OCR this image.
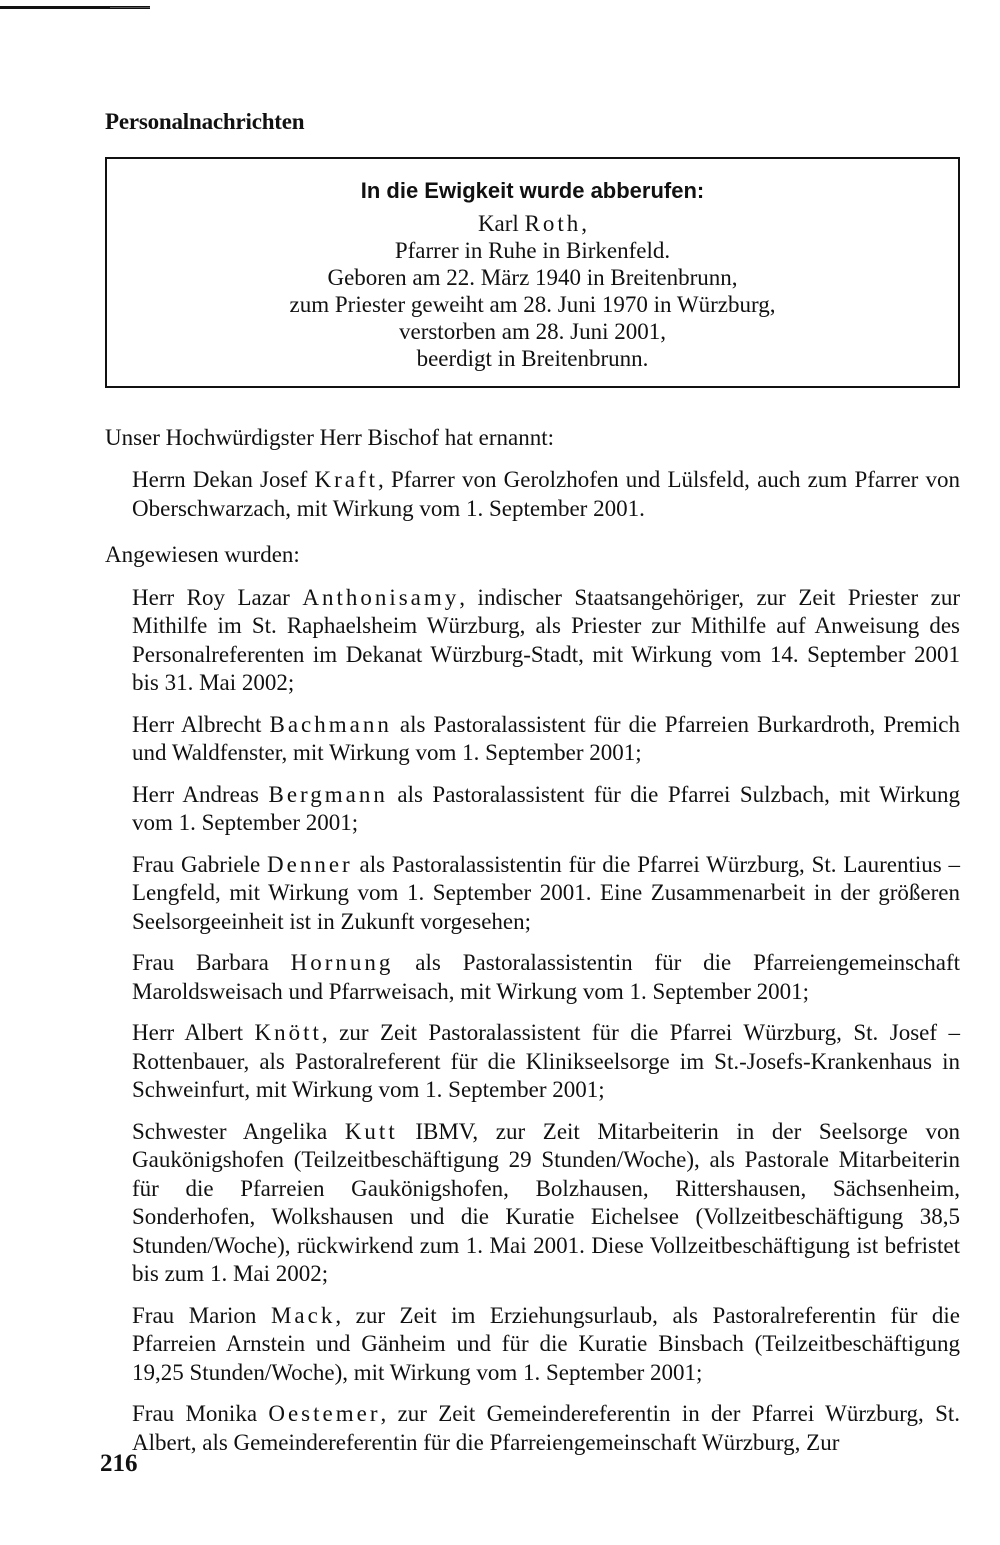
Personalnachrichten
In die Ewigkeit wurde abberufen:
Karl Roth,
Pfarrer in Ruhe in Birkenfeld.
Geboren am 22. März 1940 in Breitenbrunn,
zum Priester geweiht am 28. Juni 1970 in Würzburg,
verstorben am 28. Juni 2001,
beerdigt in Breitenbrunn.

Unser Hochwürdigster Herr Bischof hat ernannt:

Herrn Dekan Josef Kraft, Pfarrer von Gerolzhofen und Lülsfeld, auch zum Pfarrer von Oberschwarzach, mit Wirkung vom 1. September 2001.

Angewiesen wurden:

Herr Roy Lazar Anthonisamy, indischer Staatsangehöriger, zur Zeit Priester zur Mithilfe im St. Raphaelsheim Würzburg, als Priester zur Mithilfe auf Anweisung des Personalreferenten im Dekanat Würzburg-Stadt, mit Wirkung vom 14. September 2001 bis 31. Mai 2002;

Herr Albrecht Bachmann als Pastoralassistent für die Pfarreien Burkardroth, Premich und Waldfenster, mit Wirkung vom 1. September 2001;

Herr Andreas Bergmann als Pastoralassistent für die Pfarrei Sulzbach, mit Wirkung vom 1. September 2001;

Frau Gabriele Denner als Pastoralassistentin für die Pfarrei Würzburg, St. Laurentius – Lengfeld, mit Wirkung vom 1. September 2001. Eine Zusammenarbeit in der größeren Seelsorgeeinheit ist in Zukunft vorgesehen;

Frau Barbara Hornung als Pastoralassistentin für die Pfarreiengemeinschaft Maroldsweisach und Pfarrweisach, mit Wirkung vom 1. September 2001;

Herr Albert Knött, zur Zeit Pastoralassistent für die Pfarrei Würzburg, St. Josef – Rottenbauer, als Pastoralreferent für die Klinikseelsorge im St.-Josefs-Krankenhaus in Schweinfurt, mit Wirkung vom 1. September 2001;

Schwester Angelika Kutt IBMV, zur Zeit Mitarbeiterin in der Seelsorge von Gaukönigshofen (Teilzeitbeschäftigung 29 Stunden/Woche), als Pastorale Mitarbeiterin für die Pfarreien Gaukönigshofen, Bolzhausen, Rittershausen, Sächsenheim, Sonderhofen, Wolkshausen und die Kuratie Eichelsee (Vollzeitbeschäftigung 38,5 Stunden/Woche), rückwirkend zum 1. Mai 2001. Diese Vollzeitbeschäftigung ist befristet bis zum 1. Mai 2002;

Frau Marion Mack, zur Zeit im Erziehungsurlaub, als Pastoralreferentin für die Pfarreien Arnstein und Gänheim und für die Kuratie Binsbach (Teilzeitbeschäftigung 19,25 Stunden/Woche), mit Wirkung vom 1. September 2001;

Frau Monika Oestemer, zur Zeit Gemeindereferentin in der Pfarrei Würzburg, St. Albert, als Gemeindereferentin für die Pfarreiengemeinschaft Würzburg, Zur

216
